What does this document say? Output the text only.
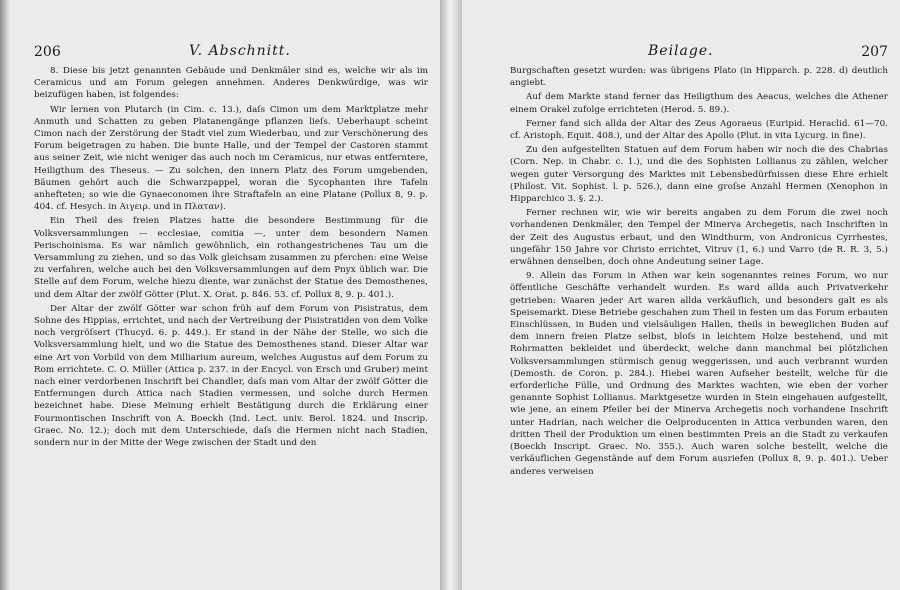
206	V. Abschnitt.

8. Diese bis jetzt genannten Gebäude und Denkmäler sind es, welche wir als im Ceramicus und am Forum gelegen annehmen. Anderes Denkwürdige, was wir beizufügen haben, ist folgendes:

Wir lernen von Plutarch (in Cim. c. 13.), daſs Cimon um dem Marktplatze mehr Anmuth und Schatten zu geben Platanengänge pflanzen lieſs. Ueberhaupt scheint Cimon nach der Zerstörung der Stadt viel zum Wiederbau, und zur Verschönerung des Forum beigetragen zu haben. Die bunte Halle, und der Tempel der Castoren stammt aus seiner Zeit, wie nicht weniger das auch noch im Ceramicus, nur etwas entferntere, Heiligthum des Theseus. — Zu solchen, den innern Platz des Forum umgebenden, Bäumen gehört auch die Schwarzpappel, woran die Sycophanten ihre Tafeln anhefteten; so wie die Gynaeconomen ihre Straftafeln an eine Platane (Pollux 8, 9. p. 404. cf. Hesych. in Αιγειρ. und in Πλαταν).

Ein Theil des freien Platzes hatte die besondere Bestimmung für die Volksversammlungen — ecclesiae, comitia —, unter dem besondern Namen Perischoinisma. Es war nämlich gewöhnlich, ein rothangestrichenes Tau um die Versammlung zu ziehen, und so das Volk gleichsam zusammen zu pferchen: eine Weise zu verfahren, welche auch bei den Volksversammlungen auf dem Pnyx üblich war. Die Stelle auf dem Forum, welche hiezu diente, war zunächst der Statue des Demosthenes, und dem Altar der zwölf Götter (Plut. X. Orat. p. 846. 53. cf. Pollux 8, 9. p. 401.).

Der Altar der zwölf Götter war schon früh auf dem Forum von Pisistratus, dem Sohne des Hippias, errichtet, und nach der Vertreibung der Pisistratiden von dem Volke noch vergröſsert (Thucyd. 6. p. 449.). Er stand in der Nähe der Stelle, wo sich die Volksversammlung hielt, und wo die Statue des Demosthenes stand. Dieser Altar war eine Art von Vorbild von dem Milliarium aureum, welches Augustus auf dem Forum zu Rom errichtete. C. O. Müller (Attica p. 237. in der Encycl. von Ersch und Gruber) meint nach einer verdorbenen Inschrift bei Chandler, daſs man vom Altar der zwölf Götter die Entfernungen durch Attica nach Stadien vermessen, und solche durch Hermen bezeichnet habe. Diese Meinung erhielt Bestätigung durch die Erklärung einer Fourmontischen Inschrift von A. Boeckh (Ind. Lect. univ. Berol. 1824. und Inscrip. Graec. No. 12.); doch mit dem Unterschiede, daſs die Hermen nicht nach Stadien, sondern nur in der Mitte der Wege zwischen der Stadt und den

Beilage.	207

Burgschaften gesetzt wurden: was übrigens Plato (in Hipparch. p. 228. d) deutlich angiebt.

Auf dem Markte stand ferner das Heiligthum des Aeacus, welches die Athener einem Orakel zufolge errichteten (Herod. 5. 89.).

Ferner fand sich allda der Altar des Zeus Agoraeus (Euripid. Heraclid. 61—70. cf. Aristoph. Equit. 408.), und der Altar des Apollo (Plut. in vita Lycurg. in fine).

Zu den aufgestellten Statuen auf dem Forum haben wir noch die des Chabrias (Corn. Nep. in Chabr. c. 1.), und die des Sophisten Lollianus zu zählen, welcher wegen guter Versorgung des Marktes mit Lebensbedürfnissen diese Ehre erhielt (Philost. Vit. Sophist. l. p. 526.), dann eine groſse Anzahl Hermen (Xenophon in Hipparchico 3. §. 2.).

Ferner rechnen wir, wie wir bereits angaben zu dem Forum die zwei noch vorhandenen Denkmäler, den Tempel der Minerva Archegetis, nach Inschriften in der Zeit des Augustus erbaut, und den Windthurm, von Andronicus Cyrrhestes, ungefähr 150 Jahre vor Christo errichtet, Vitruv (1, 6.) und Varro (de R. R. 3, 5.) erwähnen denselben, doch ohne Andeutung seiner Lage.

9. Allein das Forum in Athen war kein sogenanntes reines Forum, wo nur öffentliche Geschäfte verhandelt wurden. Es ward allda auch Privatverkehr getrieben: Waaren jeder Art waren allda verkäuflich, und besonders galt es als Speisemarkt. Diese Betriebe geschahen zum Theil in festen um das Forum erbauten Einschlüssen, in Buden und vielsäuligen Hallen, theils in beweglichen Buden auf dem innern freien Platze selbst, bloſs in leichtem Holze bestehend, und mit Rohrmatten bekleidet und überdeckt, welche dann manchmal bei plötzlichen Volksversammlungen stürmisch genug weggerissen, und auch verbrannt wurden (Demosth. de Coron. p. 284.). Hiebei waren Aufseher bestellt, welche für die erforderliche Fülle, und Ordnung des Marktes wachten, wie eben der vorher genannte Sophist Lollianus. Marktgesetze wurden in Stein eingehauen aufgestellt, wie jene, an einem Pfeiler bei der Minerva Archegetis noch vorhandene Inschrift unter Hadrian, nach welcher die Oelproducenten in Attica verbunden waren, den dritten Theil der Produktion um einen bestimmten Preis an die Stadt zu verkaufen (Boeckh Inscript. Graec. No. 355.). Auch waren solche bestellt, welche die verkäuflichen Gegenstände auf dem Forum ausriefen (Pollux 8, 9. p. 401.). Ueber anderes verweisen
